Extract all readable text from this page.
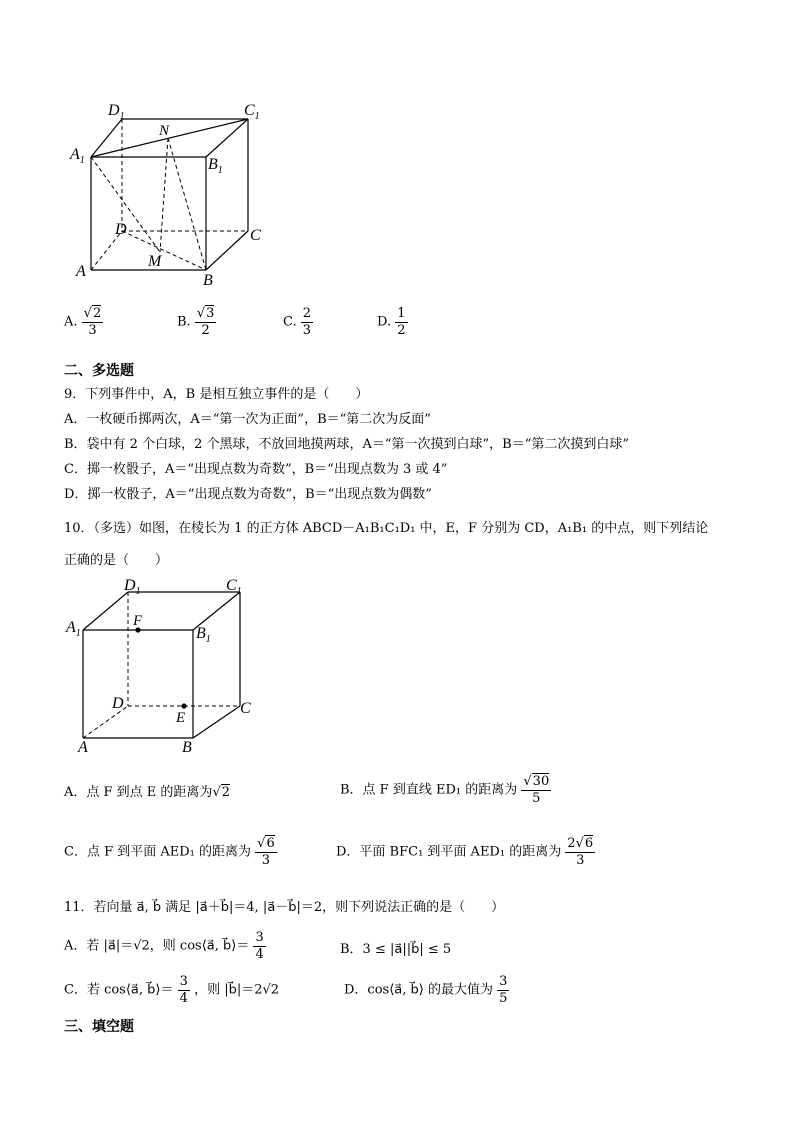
$D_1$	$C_1$
N
$A_1$	$B_1$
D	C
M
A
B
A. $\frac{√2}{3}$	B. $\frac{√3}{2}$	C. $\frac{2}{3}$	D. $\frac{1}{2}$
二、多选题
9．下列事件中，A，B 是相互独立事件的是（　　）
A．一枚硬币掷两次，A＝“第一次为正面”，B＝“第二次为反面”
B．袋中有 2 个白球，2 个黑球，不放回地摸两球，A＝“第一次摸到白球”，B＝“第二次摸到白球”
C．掷一枚骰子，A＝“出现点数为奇数”，B＝“出现点数为 3 或 4”
D．掷一枚骰子，A＝“出现点数为奇数”，B＝“出现点数为偶数”
10．（多选）如图，在棱长为 1 的正方体 ABCD－A₁B₁C₁D₁ 中，E，F 分别为 CD，A₁B₁ 的中点，则下列结论
正确的是（　　）
$D_1$	$C_1$
$A_1$
F
$B_1$
D
E
C
A	B
A．点 F 到点 E 的距离为√2	B．点 F 到直线 ED₁ 的距离为 $\frac{√30}{5}$
C．点 F 到平面 AED₁ 的距离为 $\frac{√6}{3}$	D．平面 BFC₁ 到平面 AED₁ 的距离为 $\frac{2√6}{3}$
11．若向量 a⃗, b⃗ 满足 |a⃗＋b⃗|＝4, |a⃗－b⃗|＝2，则下列说法正确的是（　　）
A．若 |a⃗|＝√2，则 cos⟨a⃗, b⃗⟩＝ $\frac{3}{4}$	B．3 ≤ |a⃗||b⃗| ≤ 5
C．若 cos⟨a⃗, b⃗⟩＝ $\frac{3}{4}$ ，则 |b⃗|＝2√2	D．cos⟨a⃗, b⃗⟩ 的最大值为 $\frac{3}{5}$
三、填空题
